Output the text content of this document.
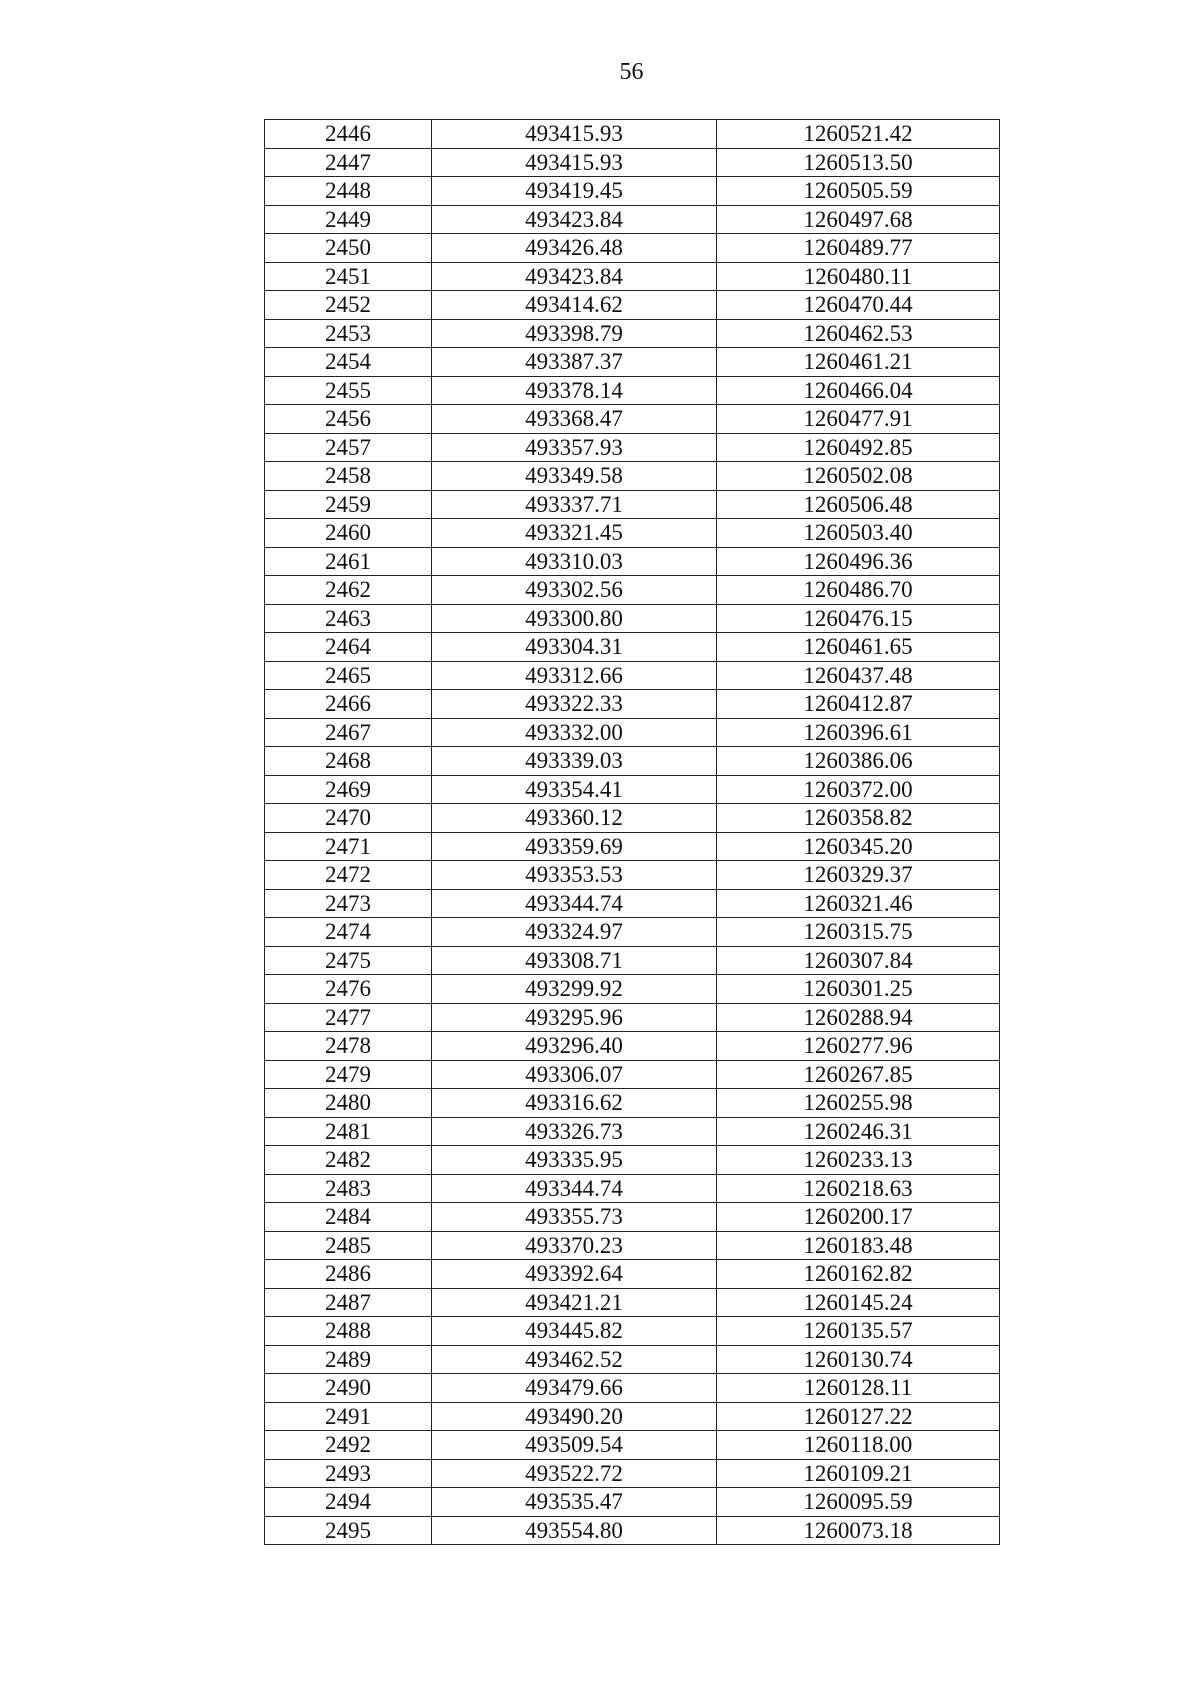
56
2446	493415.93	1260521.42
2447	493415.93	1260513.50
2448	493419.45	1260505.59
2449	493423.84	1260497.68
2450	493426.48	1260489.77
2451	493423.84	1260480.11
2452	493414.62	1260470.44
2453	493398.79	1260462.53
2454	493387.37	1260461.21
2455	493378.14	1260466.04
2456	493368.47	1260477.91
2457	493357.93	1260492.85
2458	493349.58	1260502.08
2459	493337.71	1260506.48
2460	493321.45	1260503.40
2461	493310.03	1260496.36
2462	493302.56	1260486.70
2463	493300.80	1260476.15
2464	493304.31	1260461.65
2465	493312.66	1260437.48
2466	493322.33	1260412.87
2467	493332.00	1260396.61
2468	493339.03	1260386.06
2469	493354.41	1260372.00
2470	493360.12	1260358.82
2471	493359.69	1260345.20
2472	493353.53	1260329.37
2473	493344.74	1260321.46
2474	493324.97	1260315.75
2475	493308.71	1260307.84
2476	493299.92	1260301.25
2477	493295.96	1260288.94
2478	493296.40	1260277.96
2479	493306.07	1260267.85
2480	493316.62	1260255.98
2481	493326.73	1260246.31
2482	493335.95	1260233.13
2483	493344.74	1260218.63
2484	493355.73	1260200.17
2485	493370.23	1260183.48
2486	493392.64	1260162.82
2487	493421.21	1260145.24
2488	493445.82	1260135.57
2489	493462.52	1260130.74
2490	493479.66	1260128.11
2491	493490.20	1260127.22
2492	493509.54	1260118.00
2493	493522.72	1260109.21
2494	493535.47	1260095.59
2495	493554.80	1260073.18
